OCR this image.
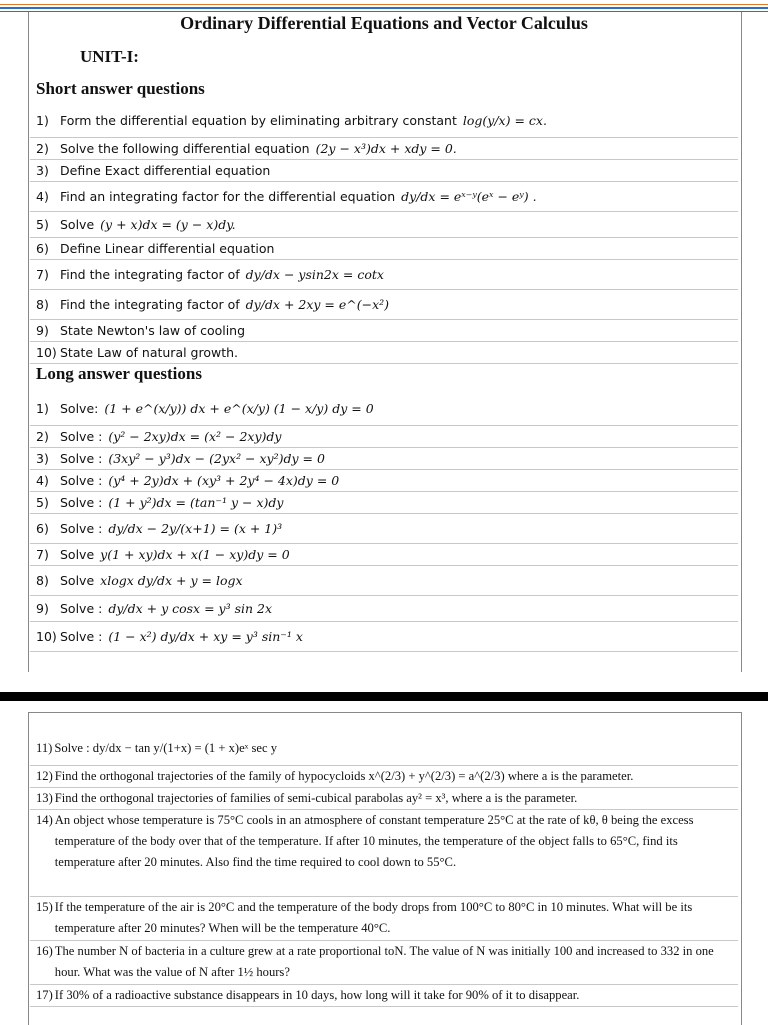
Ordinary Differential Equations and Vector Calculus
UNIT-I:
Short answer questions
1) Form the differential equation by eliminating arbitrary constant log(y/x) = cx.
2) Solve the following differential equation (2y − x³)dx + xdy = 0.
3) Define Exact differential equation
4) Find an integrating factor for the differential equation dy/dx = eˣ⁻ʸ(eˣ − eʸ) .
5) Solve (y + x)dx = (y − x)dy.
6) Define Linear differential equation
7) Find the integrating factor of dy/dx − ysin2x = cotx
8) Find the integrating factor of dy/dx + 2xy = e^(−x²)
9) State Newton's law of cooling
10) State Law of natural growth.
Long answer questions
1) Solve: (1 + e^(x/y)) dx + e^(x/y) (1 − x/y) dy = 0
2) Solve : (y² − 2xy)dx = (x² − 2xy)dy
3) Solve : (3xy² − y³)dx − (2yx² − xy²)dy = 0
4) Solve : (y⁴ + 2y)dx + (xy³ + 2y⁴ − 4x)dy = 0
5) Solve : (1 + y²)dx = (tan⁻¹ y − x)dy
6) Solve : dy/dx − 2y/(x+1) = (x + 1)³
7) Solve y(1 + xy)dx + x(1 − xy)dy = 0
8) Solve xlogx dy/dx + y = logx
9) Solve : dy/dx + y cosx = y³ sin 2x
10) Solve : (1 − x²) dy/dx + xy = y³ sin⁻¹ x
11) Solve : dy/dx − tan y/(1+x) = (1 + x)eˣ sec y
12) Find the orthogonal trajectories of the family of hypocycloids x^(2/3) + y^(2/3) = a^(2/3) where a is the parameter.
13) Find the orthogonal trajectories of families of semi-cubical parabolas ay² = x³, where a is the parameter.
14) An object whose temperature is 75°C cools in an atmosphere of constant temperature 25°C at the rate of kθ, θ being the excess temperature of the body over that of the temperature. If after 10 minutes, the temperature of the object falls to 65°C, find its temperature after 20 minutes. Also find the time required to cool down to 55°C.
15) If the temperature of the air is 20°C and the temperature of the body drops from 100°C to 80°C in 10 minutes. What will be its temperature after 20 minutes? When will be the temperature 40°C.
16) The number N of bacteria in a culture grew at a rate proportional toN. The value of N was initially 100 and increased to 332 in one hour. What was the value of N after 1½ hours?
17) If 30% of a radioactive substance disappears in 10 days, how long will it take for 90% of it to disappear.
